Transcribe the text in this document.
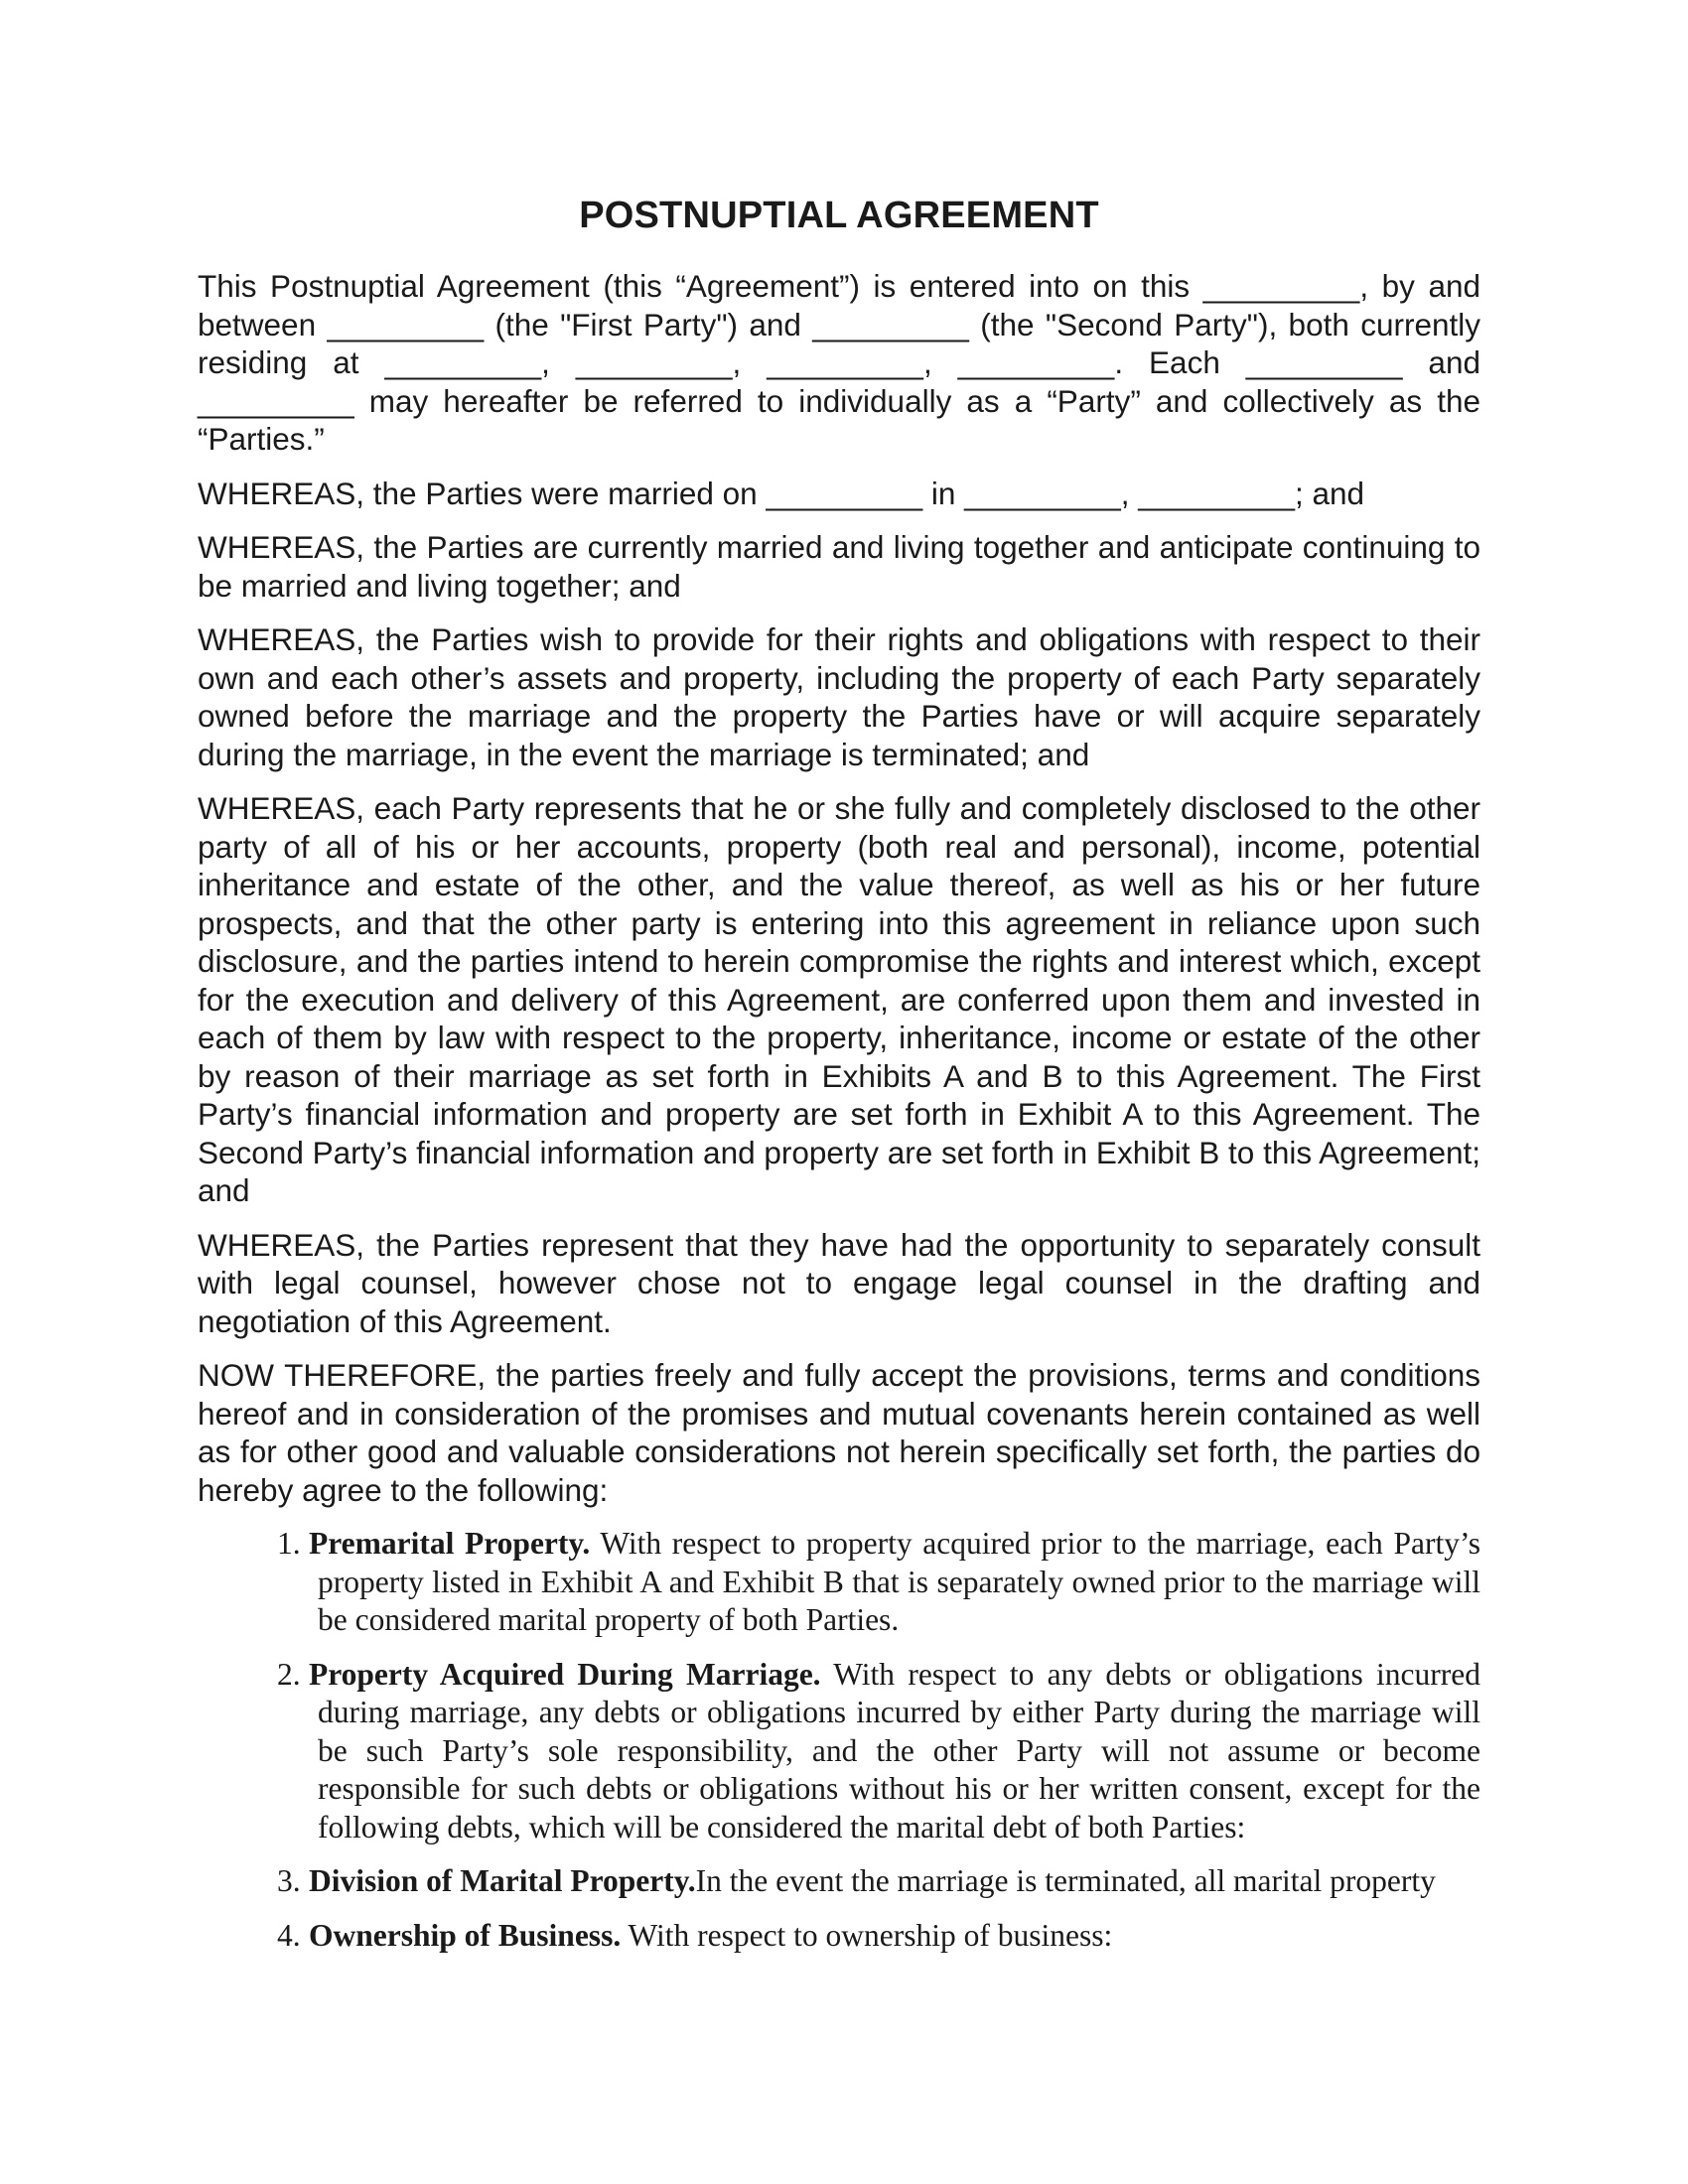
POSTNUPTIAL AGREEMENT

This Postnuptial Agreement (this “Agreement”) is entered into on this _________, by and between _________ (the "First Party") and _________ (the "Second Party"), both currently residing at _________, _________, _________, _________. Each _________ and _________ may hereafter be referred to individually as a “Party” and collectively as the “Parties.”

WHEREAS, the Parties were married on _________ in _________, _________; and

WHEREAS, the Parties are currently married and living together and anticipate continuing to be married and living together; and

WHEREAS, the Parties wish to provide for their rights and obligations with respect to their own and each other’s assets and property, including the property of each Party separately owned before the marriage and the property the Parties have or will acquire separately during the marriage, in the event the marriage is terminated; and

WHEREAS, each Party represents that he or she fully and completely disclosed to the other party of all of his or her accounts, property (both real and personal), income, potential inheritance and estate of the other, and the value thereof, as well as his or her future prospects, and that the other party is entering into this agreement in reliance upon such disclosure, and the parties intend to herein compromise the rights and interest which, except for the execution and delivery of this Agreement, are conferred upon them and invested in each of them by law with respect to the property, inheritance, income or estate of the other by reason of their marriage as set forth in Exhibits A and B to this Agreement. The First Party’s financial information and property are set forth in Exhibit A to this Agreement. The Second Party’s financial information and property are set forth in Exhibit B to this Agreement; and

WHEREAS, the Parties represent that they have had the opportunity to separately consult with legal counsel, however chose not to engage legal counsel in the drafting and negotiation of this Agreement.

NOW THEREFORE, the parties freely and fully accept the provisions, terms and conditions hereof and in consideration of the promises and mutual covenants herein contained as well as for other good and valuable considerations not herein specifically set forth, the parties do hereby agree to the following:

1. Premarital Property. With respect to property acquired prior to the marriage, each Party’s property listed in Exhibit A and Exhibit B that is separately owned prior to the marriage will be considered marital property of both Parties.
2. Property Acquired During Marriage. With respect to any debts or obligations incurred during marriage, any debts or obligations incurred by either Party during the marriage will be such Party’s sole responsibility, and the other Party will not assume or become responsible for such debts or obligations without his or her written consent, except for the following debts, which will be considered the marital debt of both Parties:
3. Division of Marital Property.In the event the marriage is terminated, all marital property
4. Ownership of Business. With respect to ownership of business:
